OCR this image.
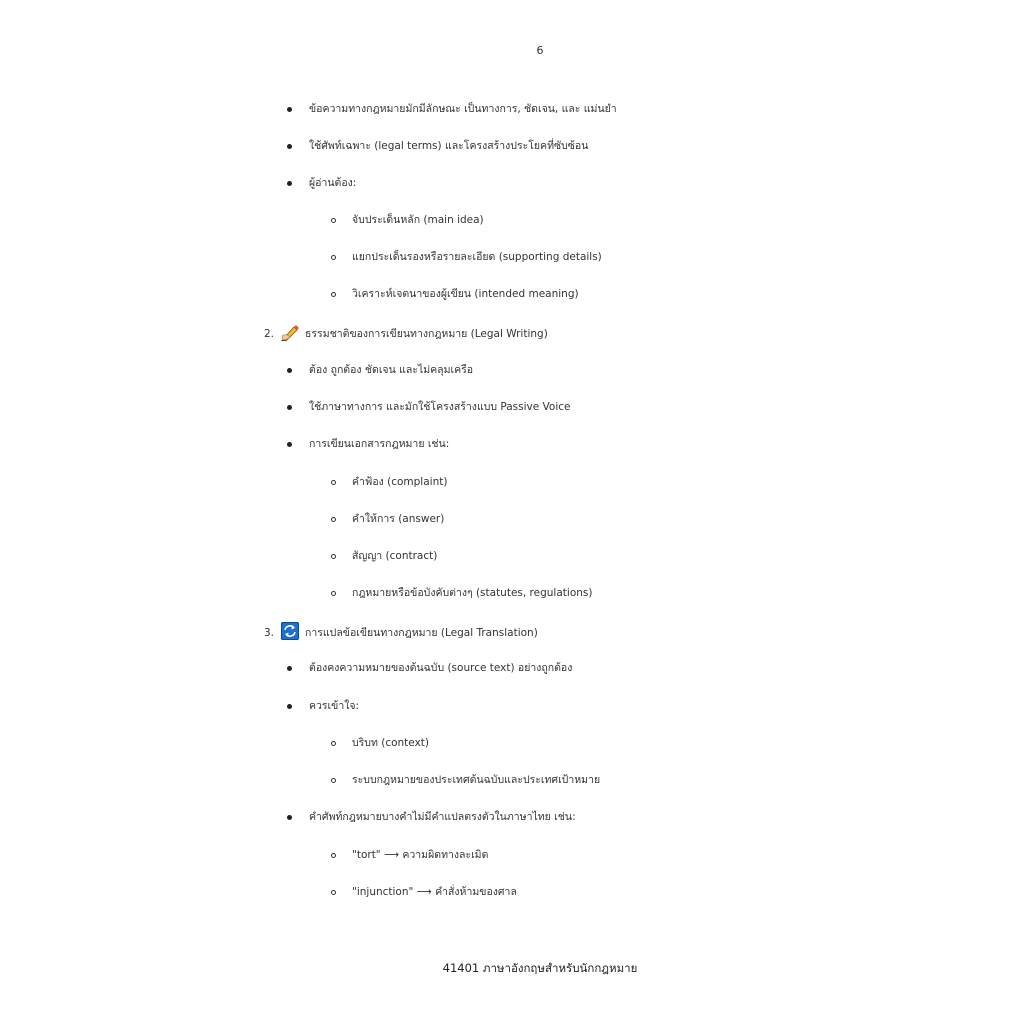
6
ข้อความทางกฎหมายมักมีลักษณะ เป็นทางการ, ชัดเจน, และ แม่นยำ
ใช้ศัพท์เฉพาะ (legal terms) และโครงสร้างประโยคที่ซับซ้อน
ผู้อ่านต้อง:
จับประเด็นหลัก (main idea)
แยกประเด็นรองหรือรายละเอียด (supporting details)
วิเคราะห์เจตนาของผู้เขียน (intended meaning)
2.	ธรรมชาติของการเขียนทางกฎหมาย (Legal Writing)
ต้อง ถูกต้อง ชัดเจน และไม่คลุมเครือ
ใช้ภาษาทางการ และมักใช้โครงสร้างแบบ Passive Voice
การเขียนเอกสารกฎหมาย เช่น:
คำฟ้อง (complaint)
คำให้การ (answer)
สัญญา (contract)
กฎหมายหรือข้อบังคับต่างๆ (statutes, regulations)
3.	การแปลข้อเขียนทางกฎหมาย (Legal Translation)
ต้องคงความหมายของต้นฉบับ (source text) อย่างถูกต้อง
ควรเข้าใจ:
บริบท (context)
ระบบกฎหมายของประเทศต้นฉบับและประเทศเป้าหมาย
คำศัพท์กฎหมายบางคำไม่มีคำแปลตรงตัวในภาษาไทย เช่น:
"tort" ⟶ ความผิดทางละเมิด
"injunction" ⟶ คำสั่งห้ามของศาล
41401 ภาษาอังกฤษสำหรับนักกฎหมาย
